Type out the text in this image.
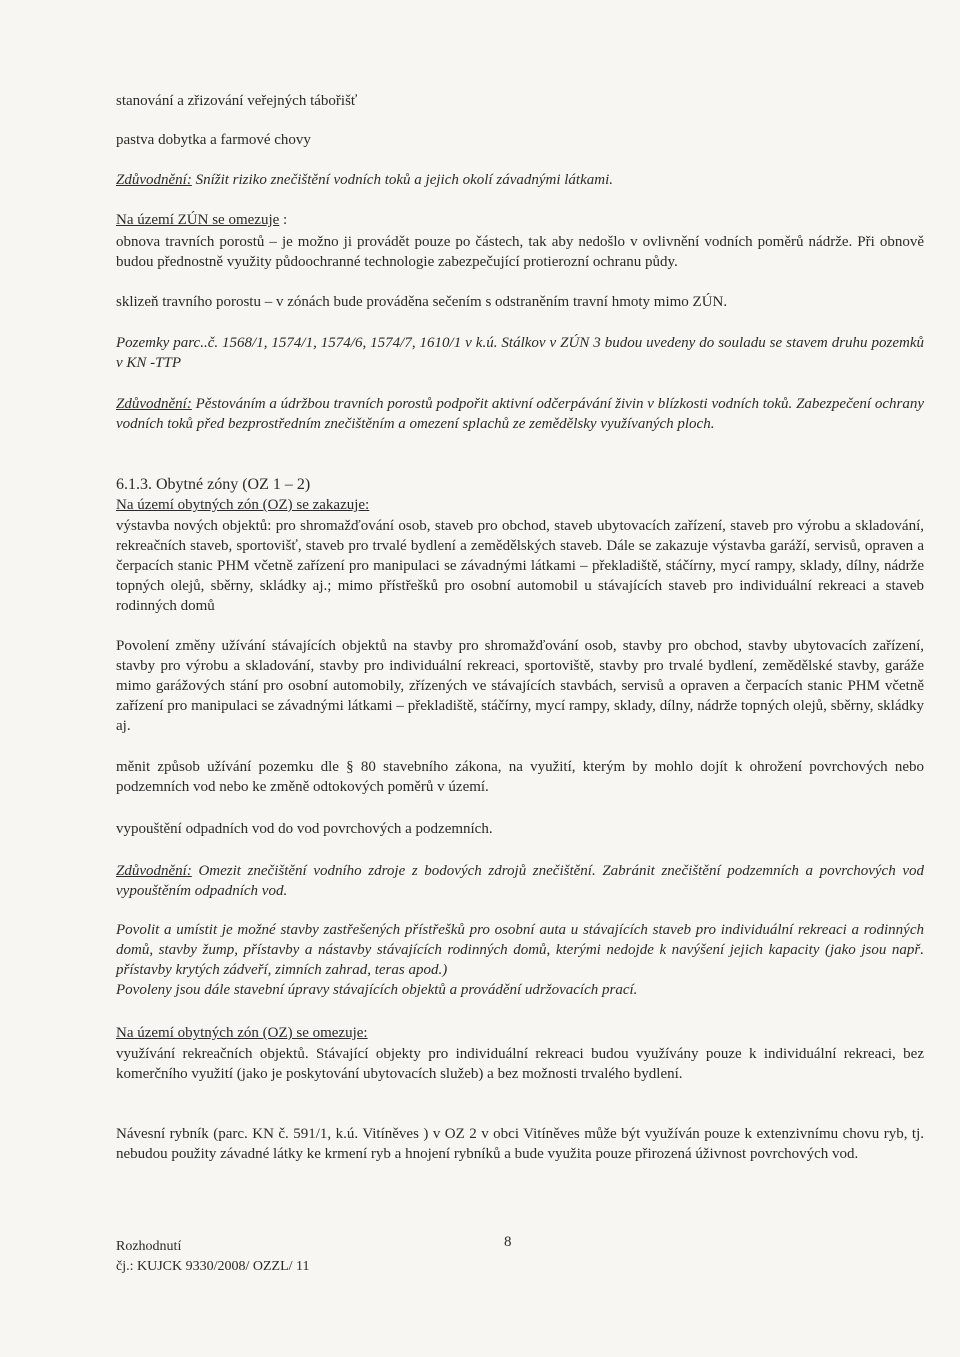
stanování a zřizování veřejných tábořišť

pastva dobytka a farmové chovy

Zdůvodnění: Snížit riziko znečištění vodních toků a jejich okolí závadnými látkami.

Na území ZÚN se omezuje :

obnova travních porostů – je možno ji provádět pouze po částech, tak aby nedošlo v ovlivnění vodních poměrů nádrže. Při obnově budou přednostně využity půdoochranné technologie zabezpečující protierozní ochranu půdy.

sklizeň travního porostu – v zónách bude prováděna sečením s odstraněním travní hmoty mimo ZÚN.

Pozemky parc..č. 1568/1, 1574/1, 1574/6, 1574/7, 1610/1 v k.ú. Stálkov v ZÚN 3 budou uvedeny do souladu se stavem druhu pozemků v KN -TTP

Zdůvodnění: Pěstováním a údržbou travních porostů podpořit aktivní odčerpávání živin v blízkosti vodních toků. Zabezpečení ochrany vodních toků před bezprostředním znečištěním a omezení splachů ze zemědělsky využívaných ploch.

6.1.3. Obytné zóny (OZ 1 – 2)

Na území obytných zón (OZ) se zakazuje:

výstavba nových objektů: pro shromažďování osob, staveb pro obchod, staveb ubytovacích zařízení, staveb pro výrobu a skladování, rekreačních staveb, sportovišť, staveb pro trvalé bydlení a zemědělských staveb. Dále se zakazuje výstavba garáží, servisů, opraven a čerpacích stanic PHM včetně zařízení pro manipulaci se závadnými látkami – překladiště, stáčírny, mycí rampy, sklady, dílny, nádrže topných olejů, sběrny, skládky aj.; mimo přístřešků pro osobní automobil u stávajících staveb pro individuální rekreaci a staveb rodinných domů

Povolení změny užívání stávajících objektů na stavby pro shromažďování osob, stavby pro obchod, stavby ubytovacích zařízení, stavby pro výrobu a skladování, stavby pro individuální rekreaci, sportoviště, stavby pro trvalé bydlení, zemědělské stavby, garáže mimo garážových stání pro osobní automobily, zřízených ve stávajících stavbách, servisů a opraven a čerpacích stanic PHM včetně zařízení pro manipulaci se závadnými látkami – překladiště, stáčírny, mycí rampy, sklady, dílny, nádrže topných olejů, sběrny, skládky aj.

měnit způsob užívání pozemku dle § 80 stavebního zákona, na využití, kterým by mohlo dojít k ohrožení povrchových nebo podzemních vod nebo ke změně odtokových poměrů v území.

vypouštění odpadních vod do vod povrchových a podzemních.

Zdůvodnění: Omezit znečištění vodního zdroje z bodových zdrojů znečištění. Zabránit znečištění podzemních a povrchových vod vypouštěním odpadních vod.

Povolit a umístit je možné stavby zastřešených přístřešků pro osobní auta u stávajících staveb pro individuální rekreaci a rodinných domů, stavby žump, přístavby a nástavby stávajících rodinných domů, kterými nedojde k navýšení jejich kapacity (jako jsou např. přístavby krytých zádveří, zimních zahrad, teras apod.)

Povoleny jsou dále stavební úpravy stávajících objektů a provádění udržovacích prací.

Na území obytných zón (OZ) se omezuje:

využívání rekreačních objektů. Stávající objekty pro individuální rekreaci budou využívány pouze k individuální rekreaci, bez komerčního využití (jako je poskytování ubytovacích služeb) a bez možnosti trvalého bydlení.

Návesní rybník (parc. KN č. 591/1, k.ú. Vitíněves ) v OZ 2 v obci Vitíněves může být využíván pouze k extenzivnímu chovu ryb, tj. nebudou použity závadné látky ke krmení ryb a hnojení rybníků a bude využita pouze přirozená úživnost povrchových vod.

Rozhodnutí
čj.: KUJCK 9330/2008/ OZZL/ 11
8
